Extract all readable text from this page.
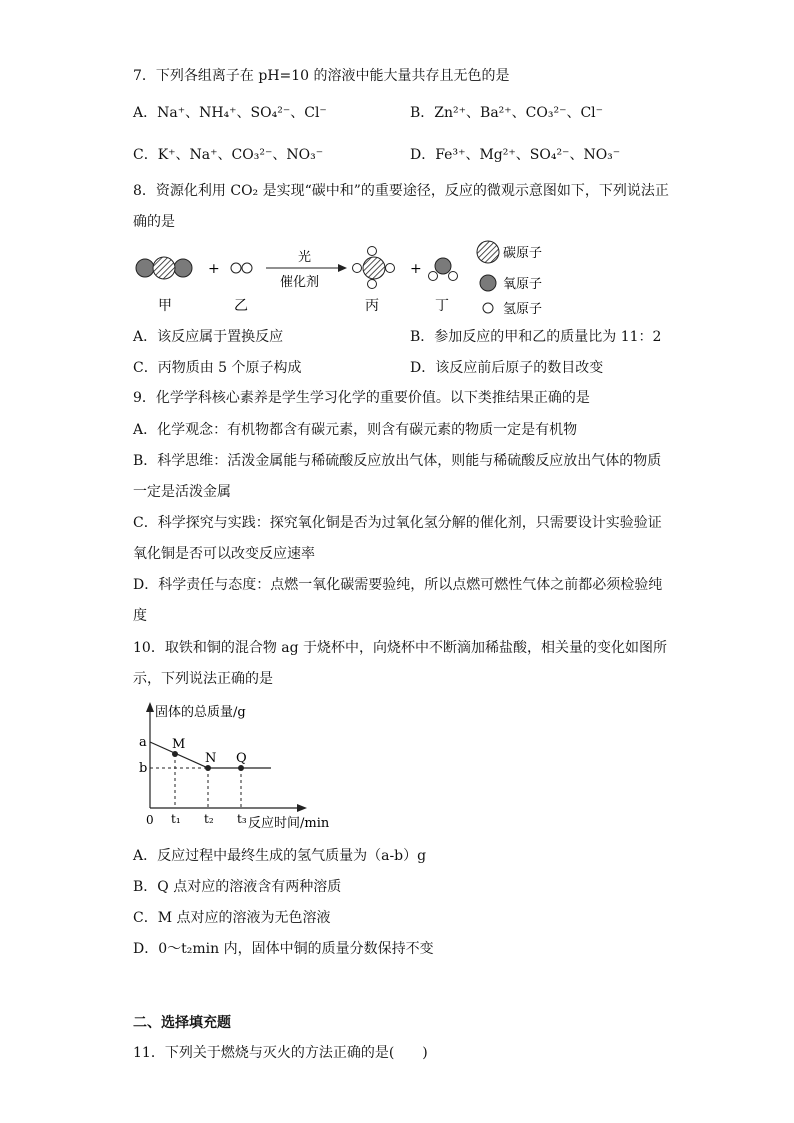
7．下列各组离子在 pH=10 的溶液中能大量共存且无色的是
A．Na⁺、NH₄⁺、SO₄²⁻、Cl⁻	B．Zn²⁺、Ba²⁺、CO₃²⁻、Cl⁻
C．K⁺、Na⁺、CO₃²⁻、NO₃⁻	D．Fe³⁺、Mg²⁺、SO₄²⁻、NO₃⁻
8．资源化利用 CO₂ 是实现“碳中和”的重要途径，反应的微观示意图如下，下列说法正
确的是
甲
+
乙
光
催化剂
丙
+
丁
碳原子
氧原子
氢原子
A．该反应属于置换反应	B．参加反应的甲和乙的质量比为 11：2
C．丙物质由 5 个原子构成	D．该反应前后原子的数目改变
9．化学学科核心素养是学生学习化学的重要价值。以下类推结果正确的是
A．化学观念：有机物都含有碳元素，则含有碳元素的物质一定是有机物
B．科学思维：活泼金属能与稀硫酸反应放出气体，则能与稀硫酸反应放出气体的物质
一定是活泼金属
C．科学探究与实践：探究氧化铜是否为过氧化氢分解的催化剂，只需要设计实验验证
氧化铜是否可以改变反应速率
D．科学责任与态度：点燃一氧化碳需要验纯，所以点燃可燃性气体之前都必须检验纯
度
10．取铁和铜的混合物 ag 于烧杯中，向烧杯中不断滴加稀盐酸，相关量的变化如图所
示，下列说法正确的是
固体的总质量/g
反应时间/min
0
a
b
t₁ t₂ t₃
M
N Q
A．反应过程中最终生成的氢气质量为（a-b）g
B．Q 点对应的溶液含有两种溶质
C．M 点对应的溶液为无色溶液
D．0～t₂min 内，固体中铜的质量分数保持不变
二、选择填充题
11．下列关于燃烧与灭火的方法正确的是(　　)
